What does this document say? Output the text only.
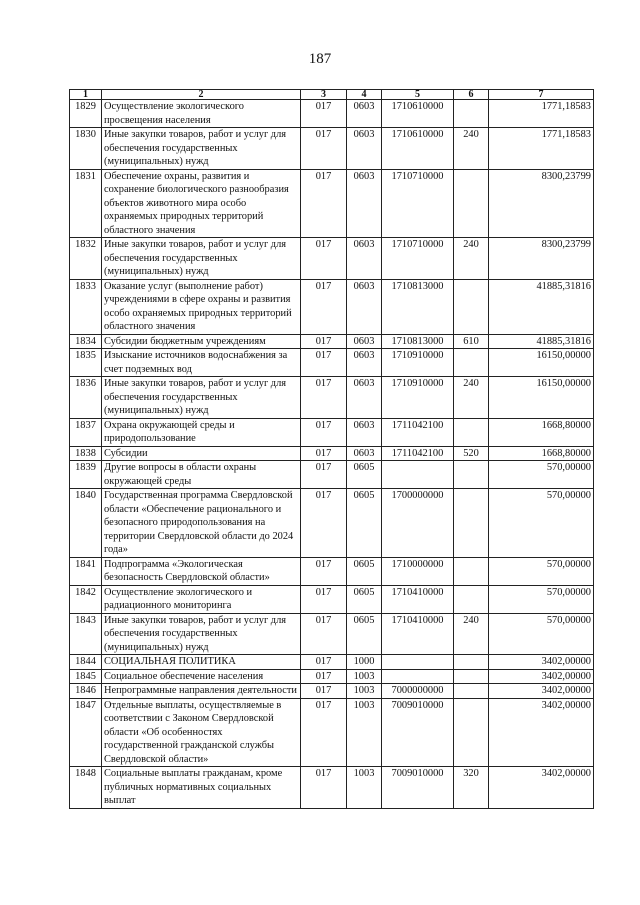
187
1	2	3	4	5	6	7
1829	Осуществление экологического просвещения населения	017	0603	1710610000		1771,18583
1830	Иные закупки товаров, работ и услуг для обеспечения государственных (муниципальных) нужд	017	0603	1710610000	240	1771,18583
1831	Обеспечение охраны, развития и сохранение биологического разнообразия объектов животного мира особо охраняемых природных территорий областного значения	017	0603	1710710000		8300,23799
1832	Иные закупки товаров, работ и услуг для обеспечения государственных (муниципальных) нужд	017	0603	1710710000	240	8300,23799
1833	Оказание услуг (выполнение работ) учреждениями в сфере охраны и развития особо охраняемых природных территорий областного значения	017	0603	1710813000		41885,31816
1834	Субсидии бюджетным учреждениям	017	0603	1710813000	610	41885,31816
1835	Изыскание источников водоснабжения за счет подземных вод	017	0603	1710910000		16150,00000
1836	Иные закупки товаров, работ и услуг для обеспечения государственных (муниципальных) нужд	017	0603	1710910000	240	16150,00000
1837	Охрана окружающей среды и природопользование	017	0603	1711042100		1668,80000
1838	Субсидии	017	0603	1711042100	520	1668,80000
1839	Другие вопросы в области охраны окружающей среды	017	0605			570,00000
1840	Государственная программа Свердловской области «Обеспечение рационального и безопасного природопользования на территории Свердловской области до 2024 года»	017	0605	1700000000		570,00000
1841	Подпрограмма «Экологическая безопасность Свердловской области»	017	0605	1710000000		570,00000
1842	Осуществление экологического и радиационного мониторинга	017	0605	1710410000		570,00000
1843	Иные закупки товаров, работ и услуг для обеспечения государственных (муниципальных) нужд	017	0605	1710410000	240	570,00000
1844	СОЦИАЛЬНАЯ ПОЛИТИКА	017	1000			3402,00000
1845	Социальное обеспечение населения	017	1003			3402,00000
1846	Непрограммные направления деятельности	017	1003	7000000000		3402,00000
1847	Отдельные выплаты, осуществляемые в соответствии с Законом Свердловской области «Об особенностях государственной гражданской службы Свердловской области»	017	1003	7009010000		3402,00000
1848	Социальные выплаты гражданам, кроме публичных нормативных социальных выплат	017	1003	7009010000	320	3402,00000
